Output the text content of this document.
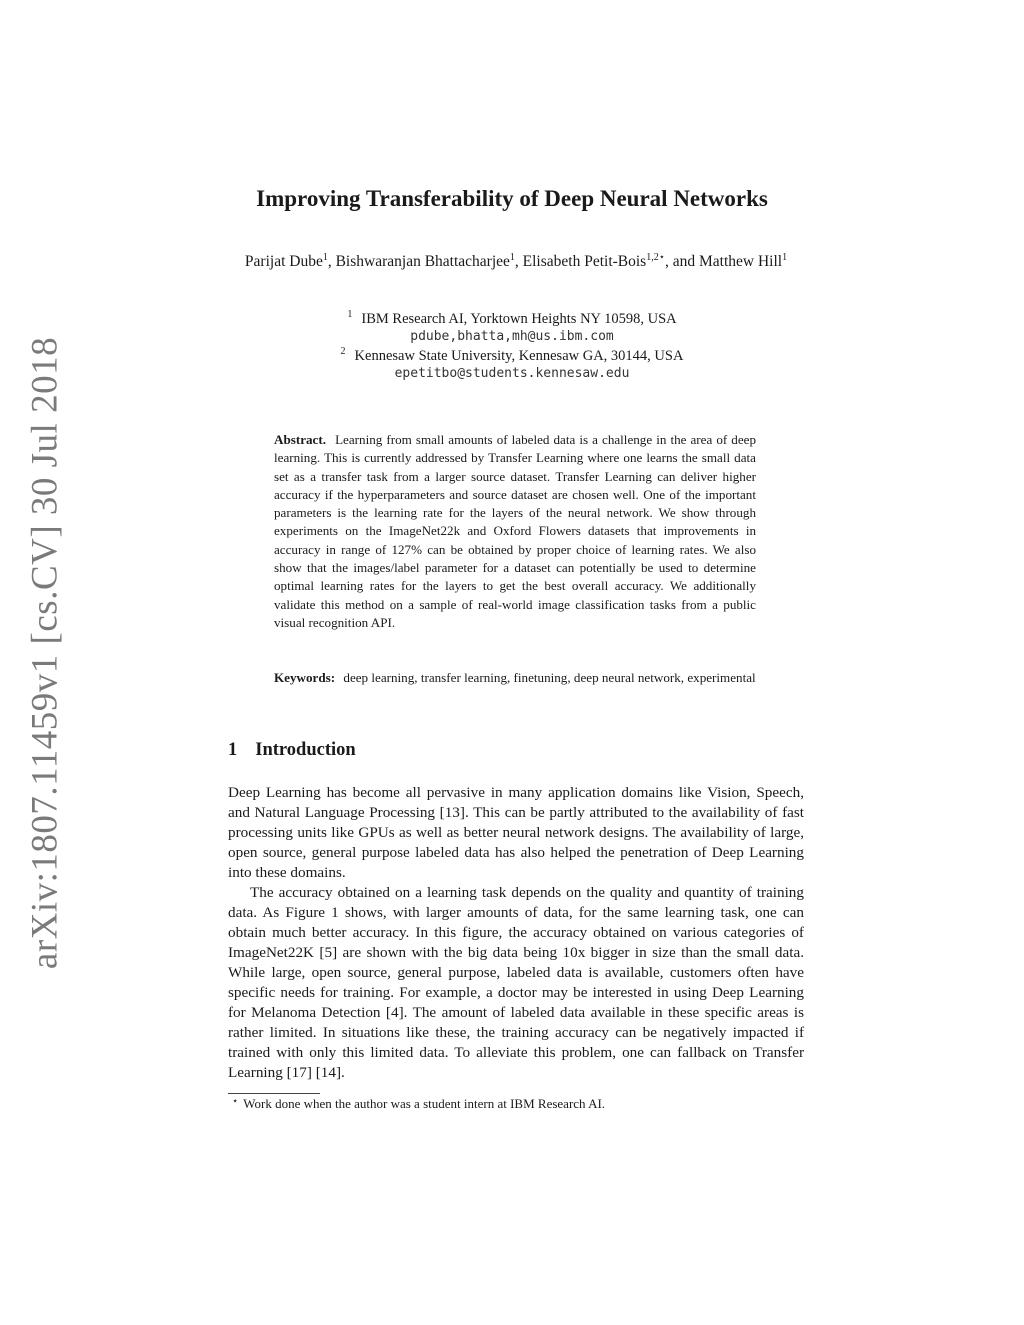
arXiv:1807.11459v1 [cs.CV] 30 Jul 2018
Improving Transferability of Deep Neural Networks
Parijat Dube$^1$, Bishwaranjan Bhattacharjee$^1$, Elisabeth Petit-Bois$^{1,2⋆}$, and Matthew Hill$^1$
$^1$ IBM Research AI, Yorktown Heights NY 10598, USA
pdube,bhatta,mh@us.ibm.com
$^2$ Kennesaw State University, Kennesaw GA, 30144, USA
epetitbo@students.kennesaw.edu

Abstract. Learning from small amounts of labeled data is a challenge in the area of deep learning. This is currently addressed by Transfer Learning where one learns the small data set as a transfer task from a larger source dataset. Transfer Learning can deliver higher accuracy if the hyperparameters and source dataset are chosen well. One of the important parameters is the learning rate for the layers of the neural network. We show through experiments on the ImageNet22k and Oxford Flowers datasets that improvements in accuracy in range of 127% can be obtained by proper choice of learning rates. We also show that the images/label parameter for a dataset can potentially be used to determine optimal learning rates for the layers to get the best overall accuracy. We additionally validate this method on a sample of real-world image classification tasks from a public visual recognition API.

Keywords: deep learning, transfer learning, finetuning, deep neural network, experimental

1 Introduction

Deep Learning has become all pervasive in many application domains like Vision, Speech, and Natural Language Processing [13]. This can be partly attributed to the availability of fast processing units like GPUs as well as better neural network designs. The availability of large, open source, general purpose labeled data has also helped the penetration of Deep Learning into these domains.

The accuracy obtained on a learning task depends on the quality and quantity of training data. As Figure 1 shows, with larger amounts of data, for the same learning task, one can obtain much better accuracy. In this figure, the accuracy obtained on various categories of ImageNet22K [5] are shown with the big data being 10x bigger in size than the small data. While large, open source, general purpose, labeled data is available, customers often have specific needs for training. For example, a doctor may be interested in using Deep Learning for Melanoma Detection [4]. The amount of labeled data available in these specific areas is rather limited. In situations like these, the training accuracy can be negatively impacted if trained with only this limited data. To alleviate this problem, one can fallback on Transfer Learning [17] [14].

⋆ Work done when the author was a student intern at IBM Research AI.
